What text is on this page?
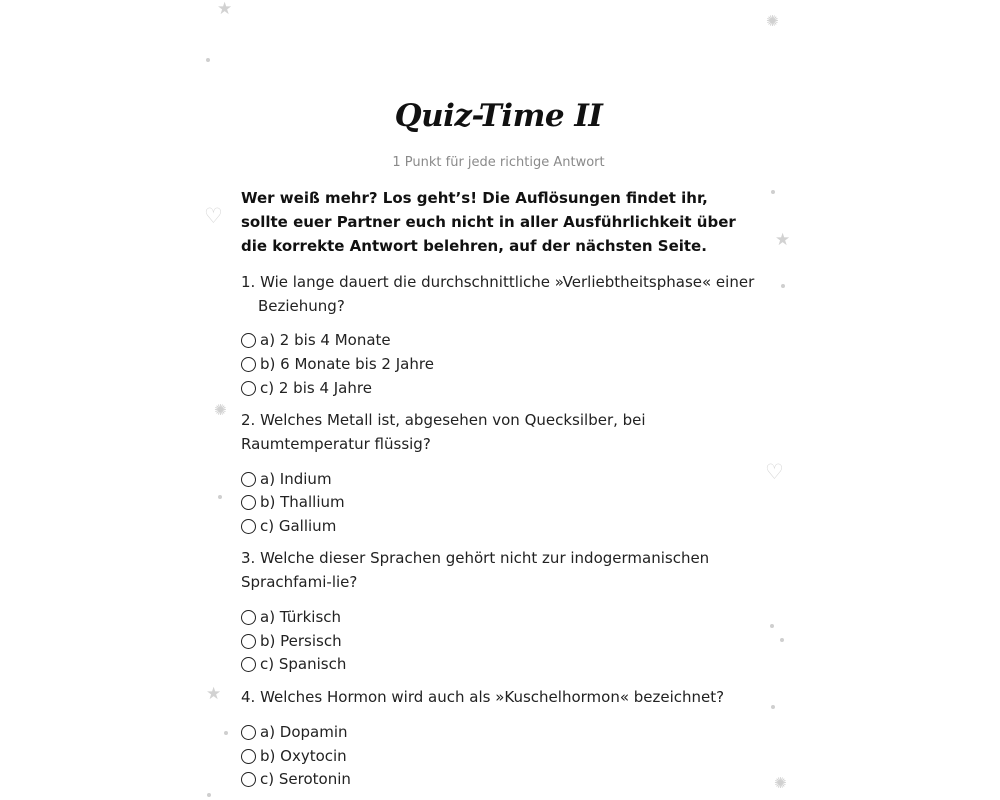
★
✺
♡
★
✺
♡
★
✺
Quiz-Time II
1 Punkt für jede richtige Antwort
Wer weiß mehr? Los geht’s! Die Auflösungen findet ihr, sollte euer Partner euch nicht in aller Ausführlichkeit über die korrekte Antwort belehren, auf der nächsten Seite.
1. Wie lange dauert die durchschnittliche »Verliebtheitsphase« einer Beziehung?
a) 2 bis 4 Monate
b) 6 Monate bis 2 Jahre
c) 2 bis 4 Jahre
2. Welches Metall ist, abgesehen von Quecksilber, bei Raumtemperatur flüssig?
a) Indium
b) Thallium
c) Gallium
3. Welche dieser Sprachen gehört nicht zur indogermanischen Sprachfami-lie?
a) Türkisch
b) Persisch
c) Spanisch
4. Welches Hormon wird auch als »Kuschelhormon« bezeichnet?
a) Dopamin
b) Oxytocin
c) Serotonin
